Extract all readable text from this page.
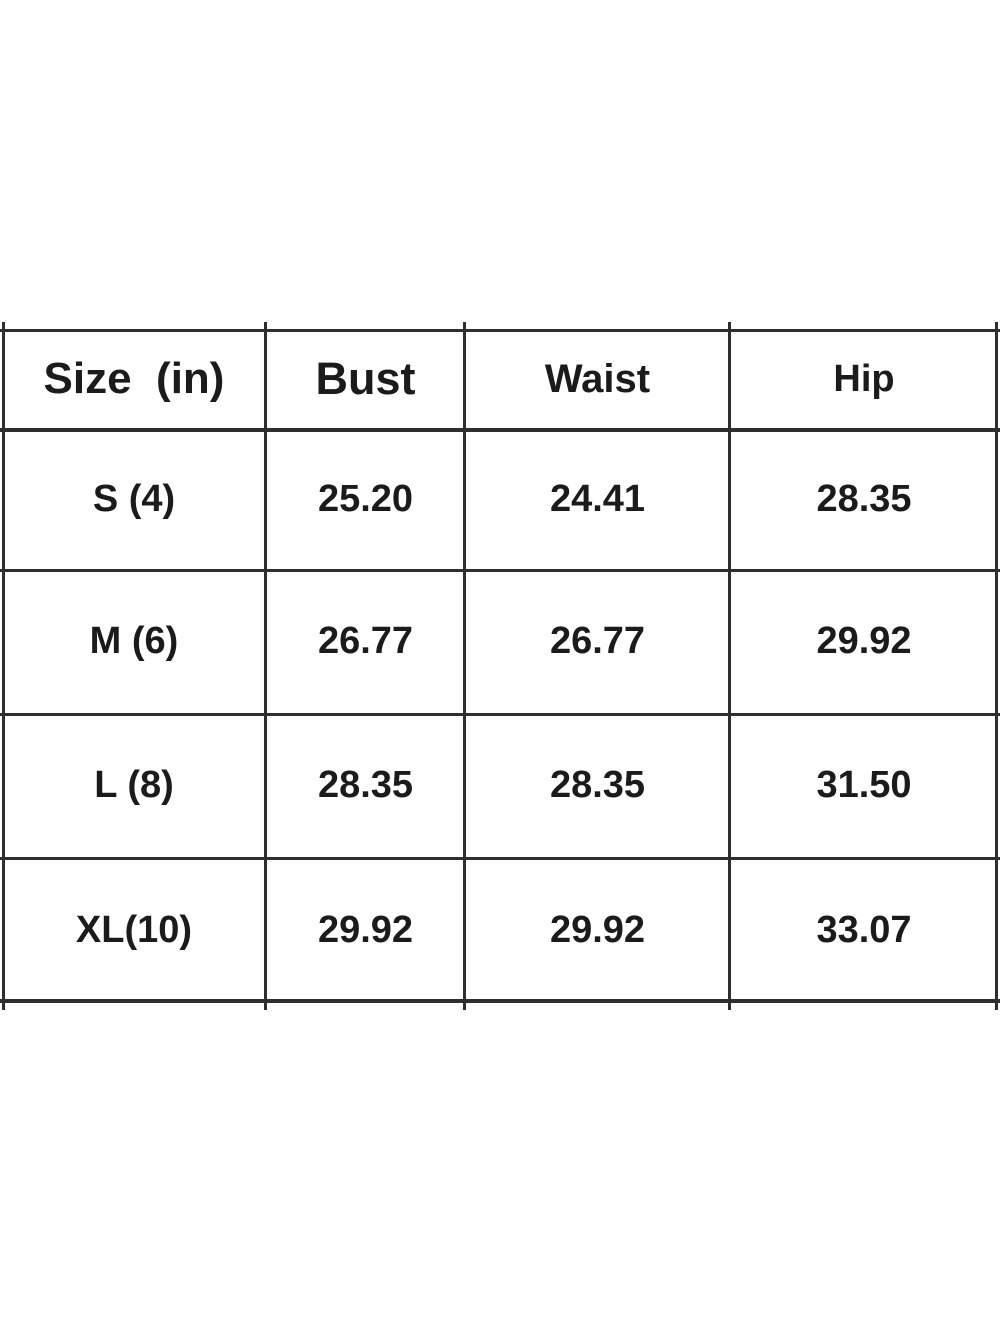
Size  (in)	Bust	Waist	Hip
S (4)	25.20	24.41	28.35
M (6)	26.77	26.77	29.92
L (8)	28.35	28.35	31.50
XL(10)	29.92	29.92	33.07
